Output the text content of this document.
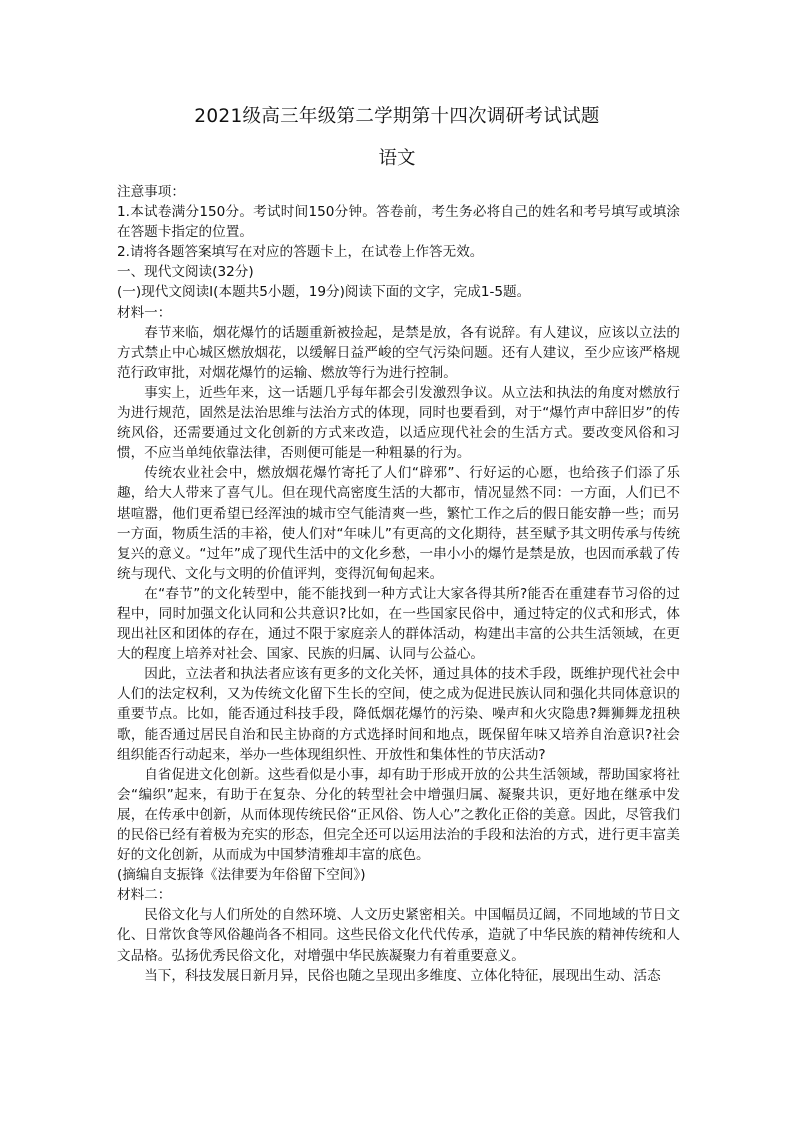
2021级高三年级第二学期第十四次调研考试试题
语文

注意事项：

1.本试卷满分150分。考试时间150分钟。答卷前，考生务必将自己的姓名和考号填写或填涂在答题卡指定的位置。

2.请将各题答案填写在对应的答题卡上，在试卷上作答无效。

一、现代文阅读(32分)

(一)现代文阅读Ⅰ(本题共5小题，19分)阅读下面的文字，完成1-5题。

材料一：

春节来临，烟花爆竹的话题重新被捡起，是禁是放，各有说辞。有人建议，应该以立法的方式禁止中心城区燃放烟花，以缓解日益严峻的空气污染问题。还有人建议，至少应该严格规范行政审批，对烟花爆竹的运输、燃放等行为进行控制。

事实上，近些年来，这一话题几乎每年都会引发激烈争议。从立法和执法的角度对燃放行为进行规范，固然是法治思维与法治方式的体现，同时也要看到，对于“爆竹声中辞旧岁”的传统风俗，还需要通过文化创新的方式来改造，以适应现代社会的生活方式。要改变风俗和习惯，不应当单纯依靠法律，否则便可能是一种粗暴的行为。

传统农业社会中，燃放烟花爆竹寄托了人们“辟邪”、行好运的心愿，也给孩子们添了乐趣，给大人带来了喜气儿。但在现代高密度生活的大都市，情况显然不同：一方面，人们已不堪喧嚣，他们更希望已经浑浊的城市空气能清爽一些，繁忙工作之后的假日能安静一些；而另一方面，物质生活的丰裕，使人们对“年味儿”有更高的文化期待，甚至赋予其文明传承与传统复兴的意义。“过年”成了现代生活中的文化乡愁，一串小小的爆竹是禁是放，也因而承载了传统与现代、文化与文明的价值评判，变得沉甸甸起来。

在“春节”的文化转型中，能不能找到一种方式让大家各得其所?能否在重建春节习俗的过程中，同时加强文化认同和公共意识?比如，在一些国家民俗中，通过特定的仪式和形式，体现出社区和团体的存在，通过不限于家庭亲人的群体活动，构建出丰富的公共生活领域，在更大的程度上培养对社会、国家、民族的归属、认同与公益心。

因此，立法者和执法者应该有更多的文化关怀，通过具体的技术手段，既维护现代社会中人们的法定权利，又为传统文化留下生长的空间，使之成为促进民族认同和强化共同体意识的重要节点。比如，能否通过科技手段，降低烟花爆竹的污染、噪声和火灾隐患?舞狮舞龙扭秧歌，能否通过居民自治和民主协商的方式选择时间和地点，既保留年味又培养自治意识?社会组织能否行动起来，举办一些体现组织性、开放性和集体性的节庆活动?

自省促进文化创新。这些看似是小事，却有助于形成开放的公共生活领域，帮助国家将社会“编织”起来，有助于在复杂、分化的转型社会中增强归属、凝聚共识，更好地在继承中发展，在传承中创新，从而体现传统民俗“正风俗、饬人心”之教化正俗的美意。因此，尽管我们的民俗已经有着极为充实的形态，但完全还可以运用法治的手段和法治的方式，进行更丰富美好的文化创新，从而成为中国梦清雅却丰富的底色。

(摘编自支振锋《法律要为年俗留下空间》)

材料二：

民俗文化与人们所处的自然环境、人文历史紧密相关。中国幅员辽阔，不同地域的节日文化、日常饮食等风俗趣尚各不相同。这些民俗文化代代传承，造就了中华民族的精神传统和人文品格。弘扬优秀民俗文化，对增强中华民族凝聚力有着重要意义。

当下，科技发展日新月异，民俗也随之呈现出多维度、立体化特征，展现出生动、活态
